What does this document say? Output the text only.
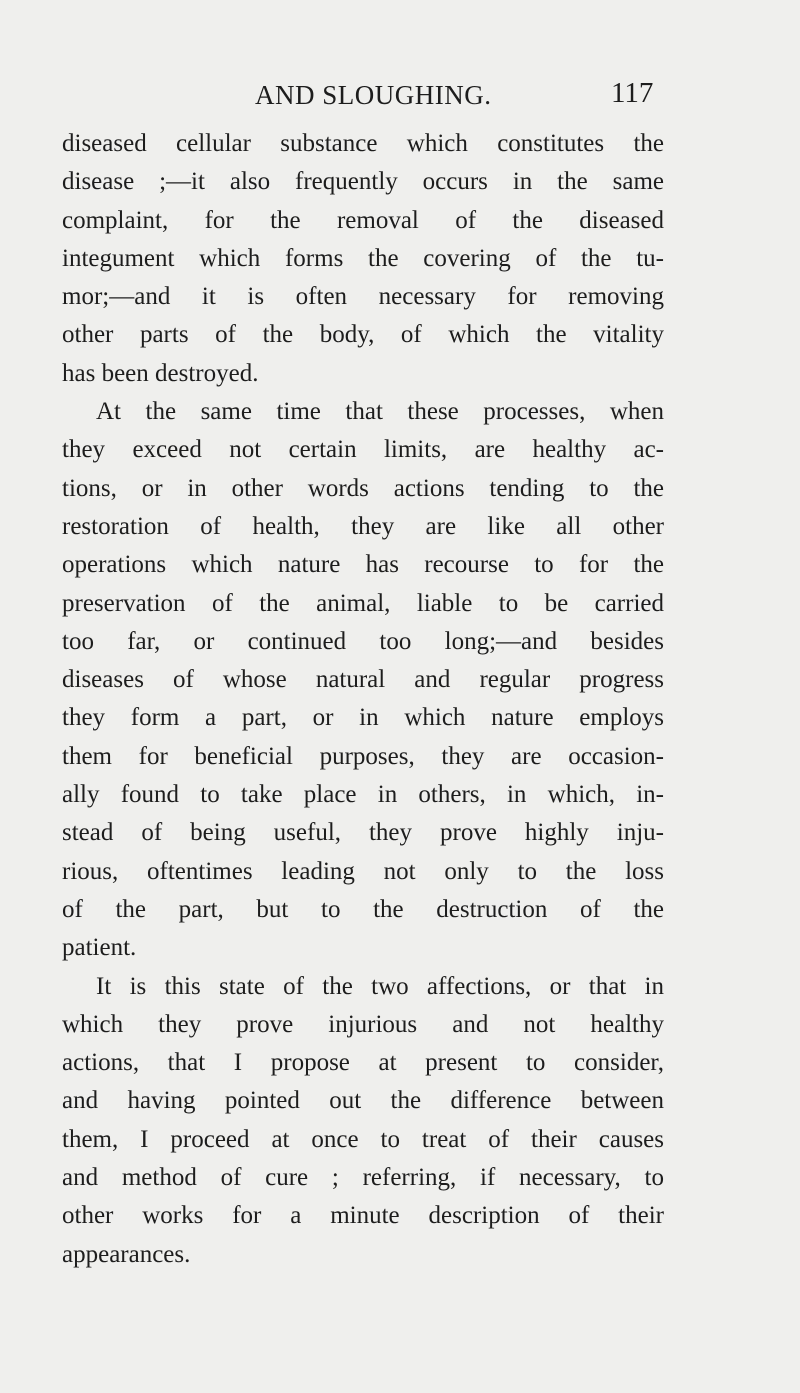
AND SLOUGHING.	117
diseased cellular substance which constitutes the
disease ;—it also frequently occurs in the same
complaint, for the removal of the diseased
integument which forms the covering of the tu-
mor;—and it is often necessary for removing
other parts of the body, of which the vitality
has been destroyed.
At the same time that these processes, when
they exceed not certain limits, are healthy ac-
tions, or in other words actions tending to the
restoration of health, they are like all other
operations which nature has recourse to for the
preservation of the animal, liable to be carried
too far, or continued too long;—and besides
diseases of whose natural and regular progress
they form a part, or in which nature employs
them for beneficial purposes, they are occasion-
ally found to take place in others, in which, in-
stead of being useful, they prove highly inju-
rious, oftentimes leading not only to the loss
of the part, but to the destruction of the
patient.
It is this state of the two affections, or that in
which they prove injurious and not healthy
actions, that I propose at present to consider,
and having pointed out the difference between
them, I proceed at once to treat of their causes
and method of cure ; referring, if necessary, to
other works for a minute description of their
appearances.
